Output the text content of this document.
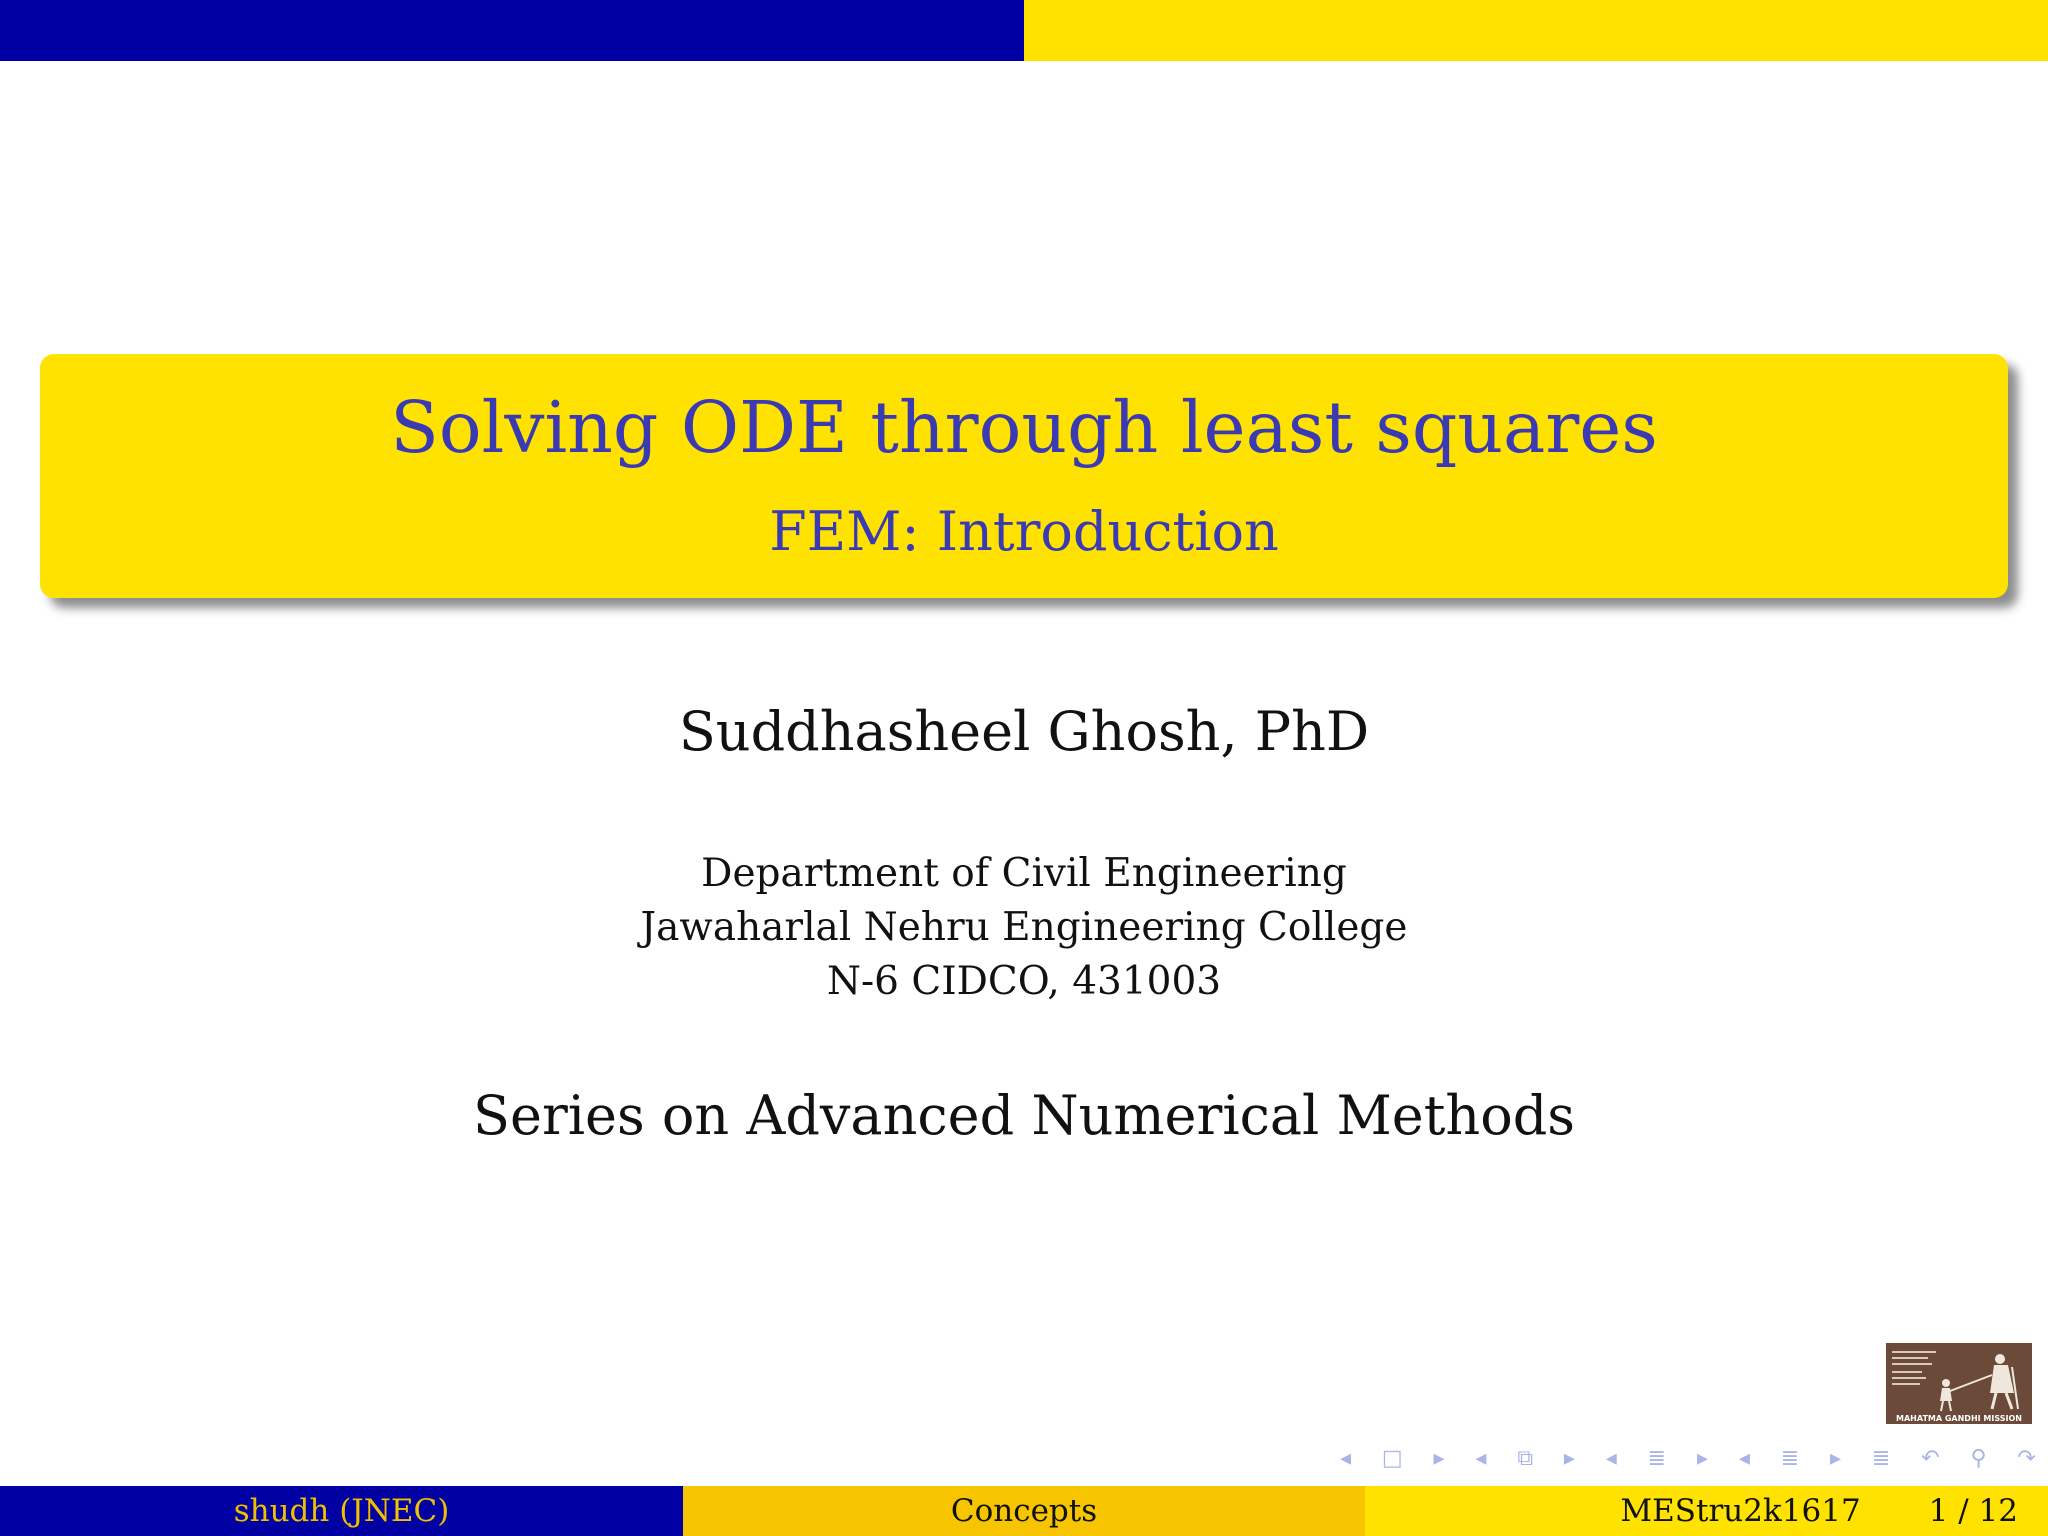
Solving ODE through least squares
FEM: Introduction
Suddhasheel Ghosh, PhD
Department of Civil Engineering
Jawaharlal Nehru Engineering College
N-6 CIDCO, 431003
Series on Advanced Numerical Methods
MAHATMA GANDHI MISSION
◂ □ ▸ ◂ ⧉ ▸ ◂ ≣ ▸ ◂ ≣ ▸ ≣ ↶ ⚲ ↷
shudh (JNEC)	Concepts	MEStru2k1617 1 / 12
